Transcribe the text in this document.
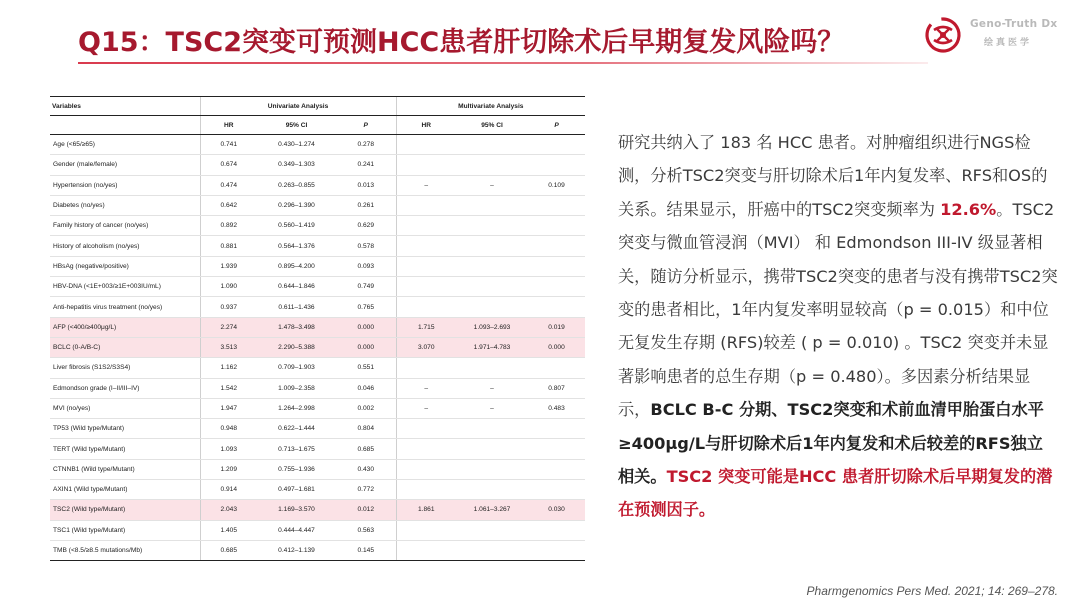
Q15：TSC2突变可预测HCC患者肝切除术后早期复发风险吗？
Geno-Truth Dx
绘真医学
Variables	Univariate Analysis			Multivariate Analysis		
	HR	95% CI	P	HR	95% CI	P
Age (<65/≥65)	0.741	0.430–1.274	0.278			
Gender (male/female)	0.674	0.349–1.303	0.241			
Hypertension (no/yes)	0.474	0.263–0.855	0.013	–	–	0.109
Diabetes (no/yes)	0.642	0.296–1.390	0.261			
Family history of cancer (no/yes)	0.892	0.560–1.419	0.629			
History of alcoholism (no/yes)	0.881	0.564–1.376	0.578			
HBsAg (negative/positive)	1.939	0.895–4.200	0.093			
HBV-DNA (<1E+003/≥1E+003IU/mL)	1.090	0.644–1.846	0.749			
Anti-hepatitis virus treatment (no/yes)	0.937	0.611–1.436	0.765			
AFP (<400/≥400μg/L)	2.274	1.478–3.498	0.000	1.715	1.093–2.693	0.019
BCLC (0-A/B-C)	3.513	2.290–5.388	0.000	3.070	1.971–4.783	0.000
Liver fibrosis (S1S2/S3S4)	1.162	0.709–1.903	0.551			
Edmondson grade (I–II/III–IV)	1.542	1.009–2.358	0.046	–	–	0.807
MVI (no/yes)	1.947	1.264–2.998	0.002	–	–	0.483
TP53 (Wild type/Mutant)	0.948	0.622–1.444	0.804			
TERT (Wild type/Mutant)	1.093	0.713–1.675	0.685			
CTNNB1 (Wild type/Mutant)	1.209	0.755–1.936	0.430			
AXIN1 (Wild type/Mutant)	0.914	0.497–1.681	0.772			
TSC2 (Wild type/Mutant)	2.043	1.169–3.570	0.012	1.861	1.061–3.267	0.030
TSC1 (Wild type/Mutant)	1.405	0.444–4.447	0.563			
TMB (<8.5/≥8.5 mutations/Mb)	0.685	0.412–1.139	0.145			
研究共纳入了 183 名 HCC 患者。对肿瘤组织进行NGS检测，分析TSC2突变与肝切除术后1年内复发率、RFS和OS的关系。结果显示，肝癌中的TSC2突变频率为 12.6%。TSC2突变与微血管浸润（MVI） 和 Edmondson III-IV 级显著相关，随访分析显示，携带TSC2突变的患者与没有携带TSC2突变的患者相比，1年内复发率明显较高（p = 0.015）和中位无复发生存期 (RFS)较差 ( p = 0.010) 。TSC2 突变并未显著影响患者的总生存期（p = 0.480）。多因素分析结果显示，BCLC B-C 分期、TSC2突变和术前血清甲胎蛋白水平≥400μg/L与肝切除术后1年内复发和术后较差的RFS独立相关。TSC2 突变可能是HCC 患者肝切除术后早期复发的潜在预测因子。
Pharmgenomics Pers Med. 2021; 14: 269–278.
